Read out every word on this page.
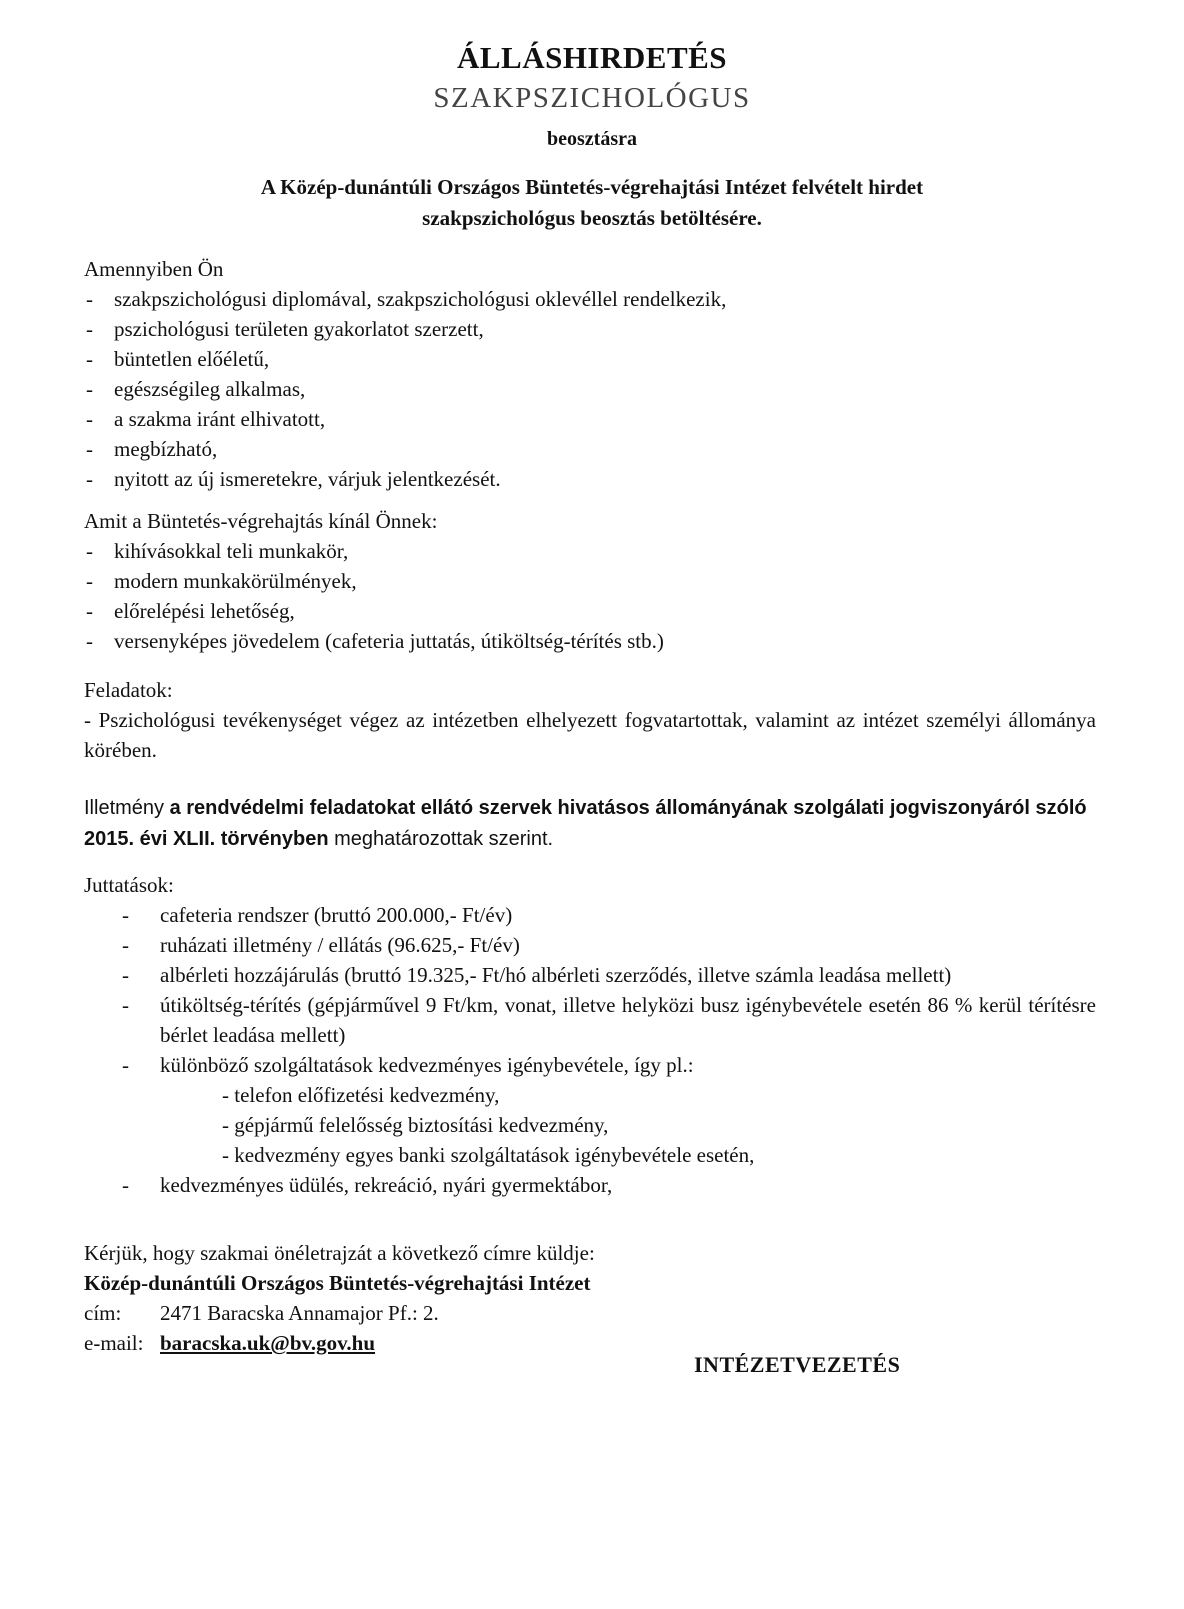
ÁLLÁSHIRDETÉS
SZAKPSZICHOLÓGUS
beosztásra
A Közép-dunántúli Országos Büntetés-végrehajtási Intézet felvételt hirdet
szakpszichológus beosztás betöltésére.
Amennyiben Ön
- szakpszichológusi diplomával, szakpszichológusi oklevéllel rendelkezik,
- pszichológusi területen gyakorlatot szerzett,
- büntetlen előéletű,
- egészségileg alkalmas,
- a szakma iránt elhivatott,
- megbízható,
- nyitott az új ismeretekre, várjuk jelentkezését.
Amit a Büntetés-végrehajtás kínál Önnek:
- kihívásokkal teli munkakör,
- modern munkakörülmények,
- előrelépési lehetőség,
- versenyképes jövedelem (cafeteria juttatás, útiköltség-térítés stb.)
Feladatok:
- Pszichológusi tevékenységet végez az intézetben elhelyezett fogvatartottak, valamint az intézet személyi állománya körében.
Illetmény a rendvédelmi feladatokat ellátó szervek hivatásos állományának szolgálati jogviszonyáról szóló 2015. évi XLII. törvényben meghatározottak szerint.
Juttatások:
- cafeteria rendszer (bruttó 200.000,- Ft/év)
- ruházati illetmény / ellátás (96.625,- Ft/év)
- albérleti hozzájárulás (bruttó 19.325,- Ft/hó albérleti szerződés, illetve számla leadása mellett)
- útiköltség-térítés (gépjárművel 9 Ft/km, vonat, illetve helyközi busz igénybevétele esetén 86 % kerül térítésre bérlet leadása mellett)
- különböző szolgáltatások kedvezményes igénybevétele, így pl.:
- telefon előfizetési kedvezmény,
- gépjármű felelősség biztosítási kedvezmény,
- kedvezmény egyes banki szolgáltatások igénybevétele esetén,
- kedvezményes üdülés, rekreáció, nyári gyermektábor,
Kérjük, hogy szakmai önéletrajzát a következő címre küldje:
Közép-dunántúli Országos Büntetés-végrehajtási Intézet
cím: 2471 Baracska Annamajor Pf.: 2.
e-mail: baracska.uk@bv.gov.hu
INTÉZETVEZETÉS
